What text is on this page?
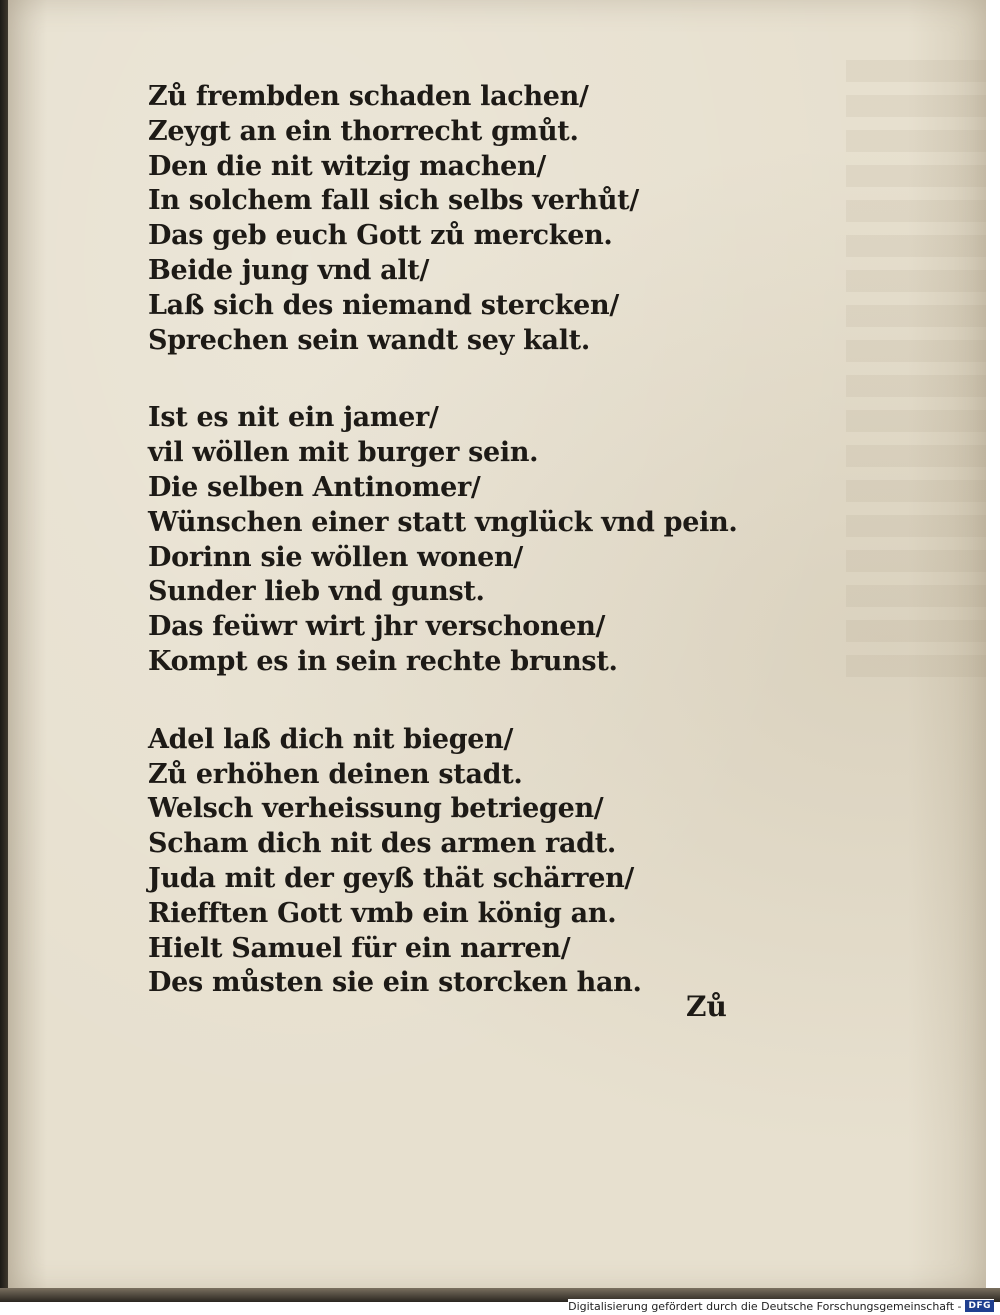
Zů frembden schaden lachen/
Zeygt an ein thorrecht gmůt.
Den die nit witzig machen/
In solchem fall sich selbs verhůt/
Das geb euch Gott zů mercken.
Beide jung vnd alt/
Laß sich des niemand stercken/
Sprechen sein wandt sey kalt.
Ist es nit ein jamer/
vil wöllen mit burger sein.
Die selben Antinomer/
Wünschen einer statt vnglück vnd pein.
Dorinn sie wöllen wonen/
Sunder lieb vnd gunst.
Das feüwr wirt jhr verschonen/
Kompt es in sein rechte brunst.
Adel laß dich nit biegen/
Zů erhöhen deinen stadt.
Welsch verheissung betriegen/
Scham dich nit des armen radt.
Juda mit der geyß thät schärren/
Riefften Gott vmb ein könig an.
Hielt Samuel für ein narren/
Des můsten sie ein storcken han.
Zů
Digitalisierung gefördert durch die Deutsche Forschungsgemeinschaft - DFG
